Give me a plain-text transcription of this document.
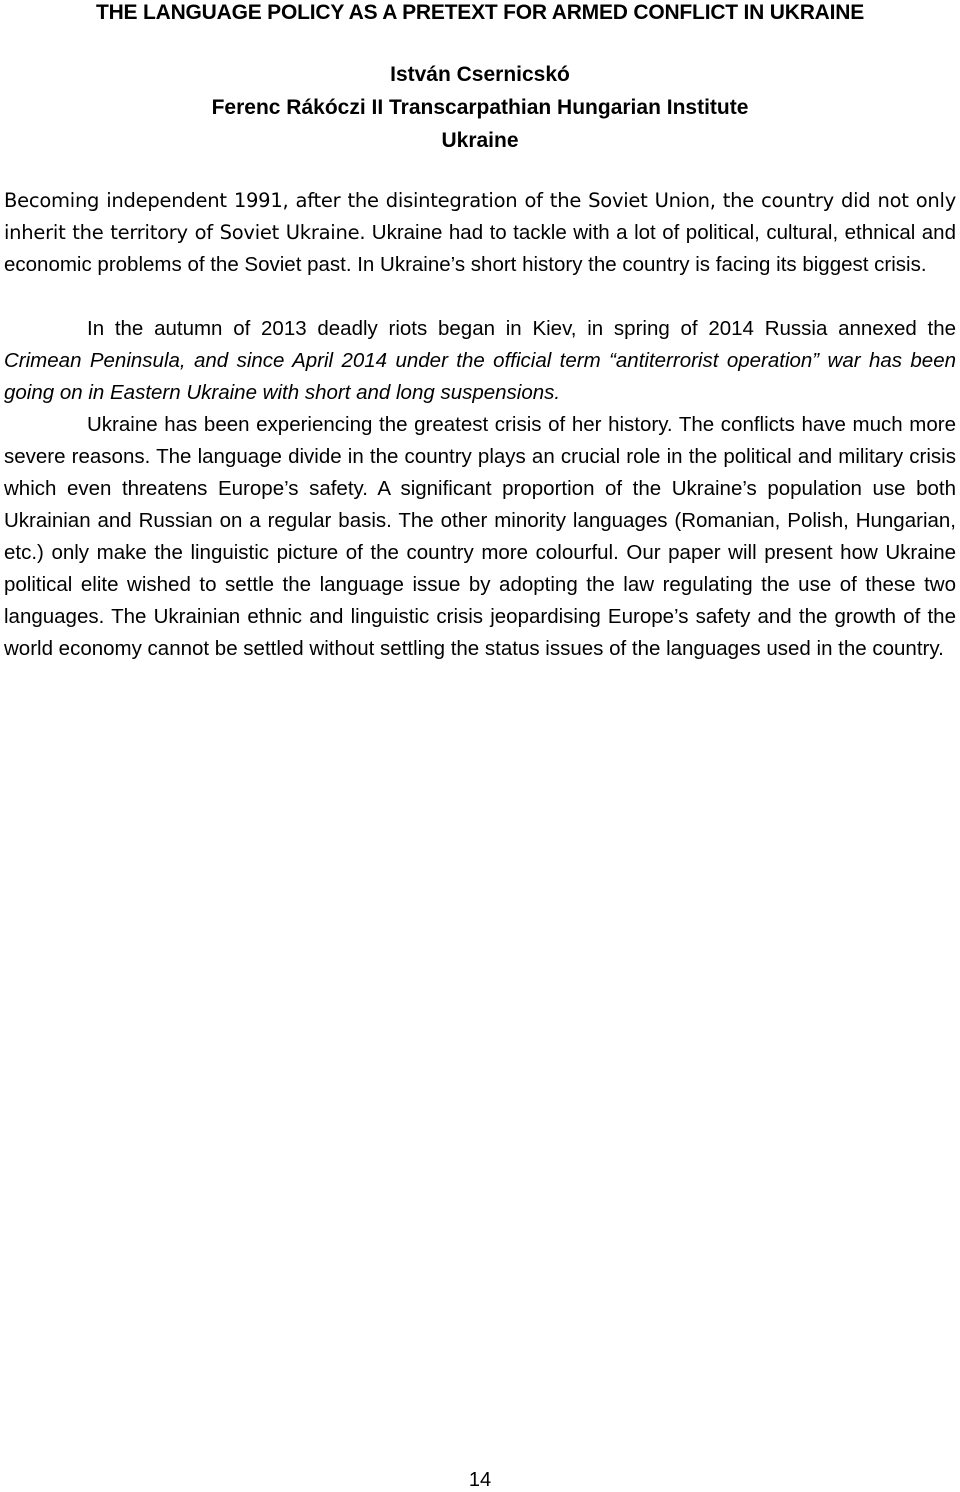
THE LANGUAGE POLICY AS A PRETEXT FOR ARMED CONFLICT IN UKRAINE
István Csernicskó
Ferenc Rákóczi II Transcarpathian Hungarian Institute
Ukraine
Becoming independent 1991, after the disintegration of the Soviet Union, the country did not only inherit the territory of Soviet Ukraine. Ukraine had to tackle with a lot of political, cultural, ethnical and economic problems of the Soviet past. In Ukraine’s short history the country is facing its biggest crisis.
In the autumn of 2013 deadly riots began in Kiev, in spring of 2014 Russia annexed the Crimean Peninsula, and since April 2014 under the official term “antiterrorist operation” war has been going on in Eastern Ukraine with short and long suspensions.
Ukraine has been experiencing the greatest crisis of her history. The conflicts have much more severe reasons. The language divide in the country plays an crucial role in the political and military crisis which even threatens Europe’s safety. A significant proportion of the Ukraine’s population use both Ukrainian and Russian on a regular basis. The other minority languages (Romanian, Polish, Hungarian, etc.) only make the linguistic picture of the country more colourful. Our paper will present how Ukraine political elite wished to settle the language issue by adopting the law regulating the use of these two languages. The Ukrainian ethnic and linguistic crisis jeopardising Europe’s safety and the growth of the world economy cannot be settled without settling the status issues of the languages used in the country.
14
